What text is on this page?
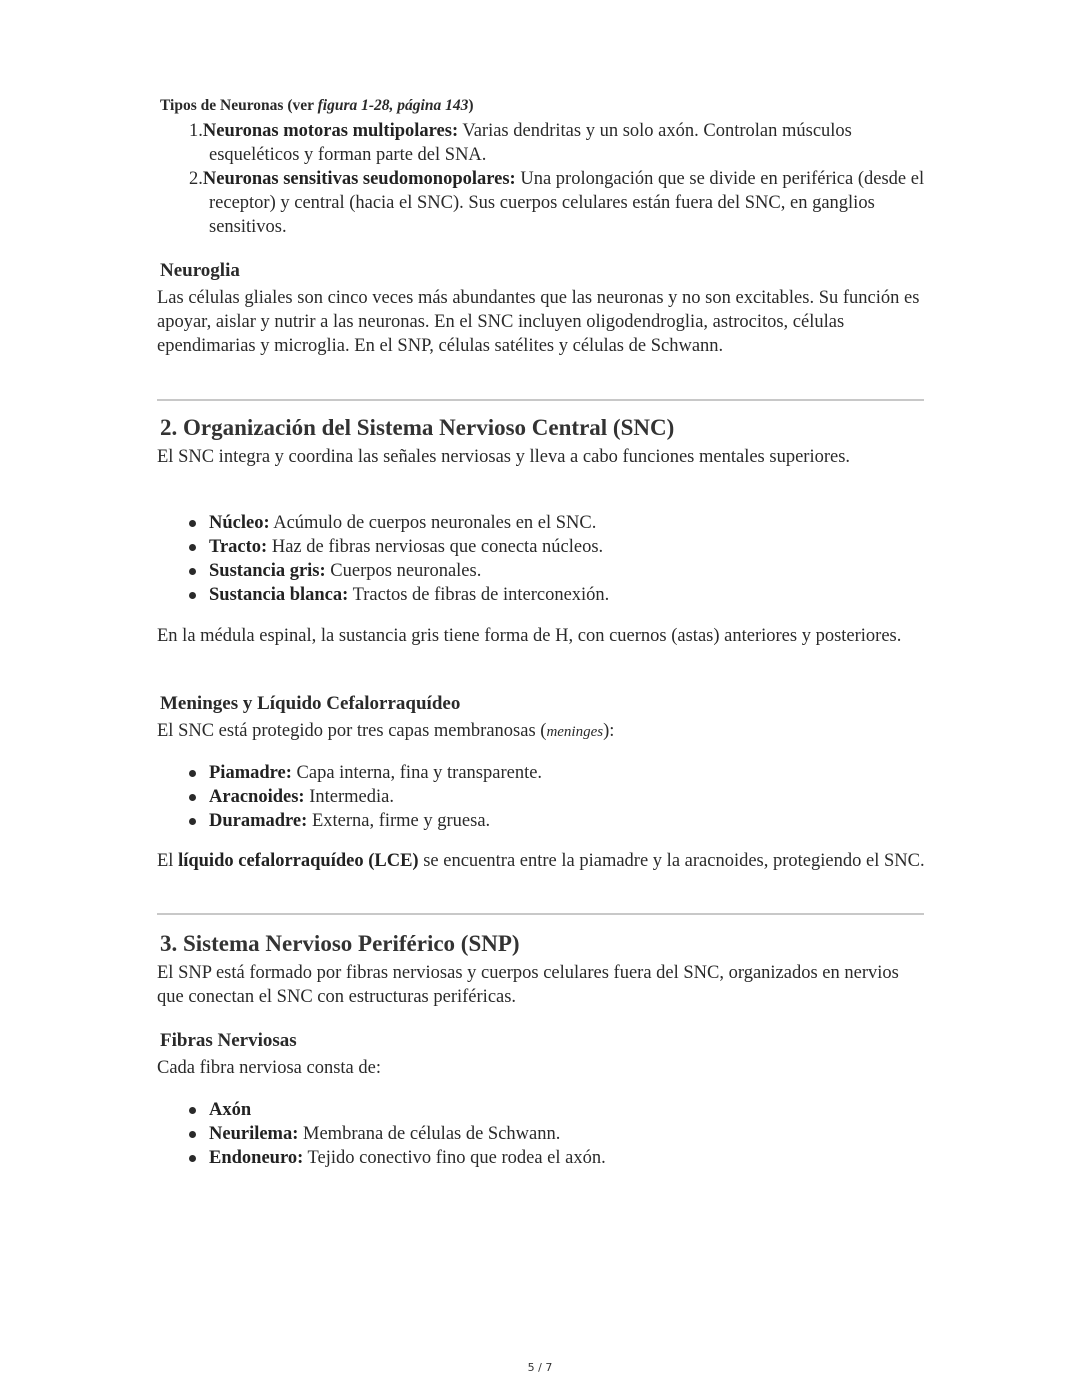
Tipos de Neuronas (ver figura 1-28, página 143)
1.Neuronas motoras multipolares: Varias dendritas y un solo axón. Controlan músculos esqueléticos y forman parte del SNA.
2.Neuronas sensitivas seudomonopolares: Una prolongación que se divide en periférica (desde el receptor) y central (hacia el SNC). Sus cuerpos celulares están fuera del SNC, en ganglios sensitivos.
Neuroglia

Las células gliales son cinco veces más abundantes que las neuronas y no son excitables. Su función es apoyar, aislar y nutrir a las neuronas. En el SNC incluyen oligodendroglia, astrocitos, células ependimarias y microglia. En el SNP, células satélites y células de Schwann.

2. Organización del Sistema Nervioso Central (SNC)

El SNC integra y coordina las señales nerviosas y lleva a cabo funciones mentales superiores.

Núcleo: Acúmulo de cuerpos neuronales en el SNC.
Tracto: Haz de fibras nerviosas que conecta núcleos.
Sustancia gris: Cuerpos neuronales.
Sustancia blanca: Tractos de fibras de interconexión.

En la médula espinal, la sustancia gris tiene forma de H, con cuernos (astas) anteriores y posteriores.

Meninges y Líquido Cefalorraquídeo

El SNC está protegido por tres capas membranosas (meninges):

Piamadre: Capa interna, fina y transparente.
Aracnoides: Intermedia.
Duramadre: Externa, firme y gruesa.

El líquido cefalorraquídeo (LCE) se encuentra entre la piamadre y la aracnoides, protegiendo el SNC.

3. Sistema Nervioso Periférico (SNP)

El SNP está formado por fibras nerviosas y cuerpos celulares fuera del SNC, organizados en nervios que conectan el SNC con estructuras periféricas.

Fibras Nerviosas

Cada fibra nerviosa consta de:

Axón
Neurilema: Membrana de células de Schwann.
Endoneuro: Tejido conectivo fino que rodea el axón.
5 / 7
